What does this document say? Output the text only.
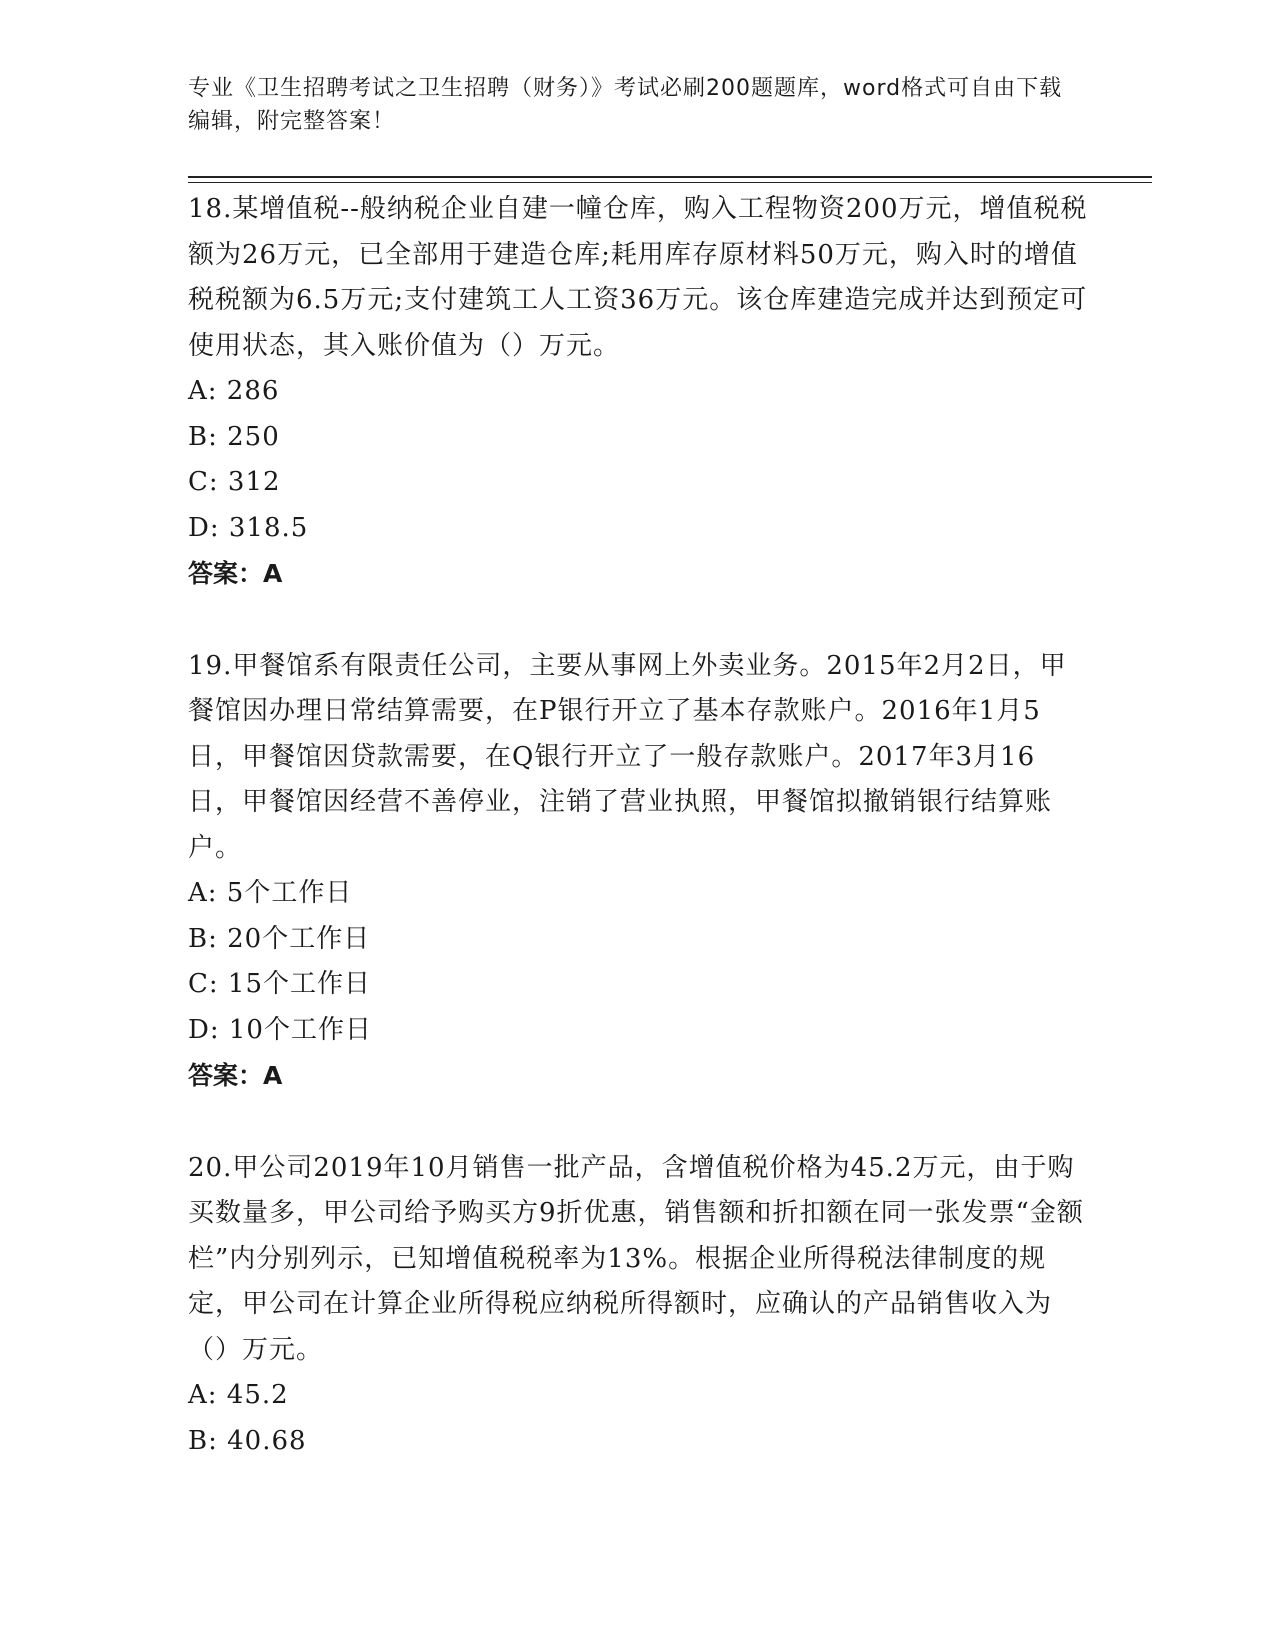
专业《卫生招聘考试之卫生招聘（财务）》考试必刷200题题库，word格式可自由下载编辑，附完整答案！

18.某增值税--般纳税企业自建一幢仓库，购入工程物资200万元，增值税税额为26万元，已全部用于建造仓库;耗用库存原材料50万元，购入时的增值税税额为6.5万元;支付建筑工人工资36万元。该仓库建造完成并达到预定可使用状态，其入账价值为（）万元。

A: 286

B: 250

C: 312

D: 318.5

答案：A

19.甲餐馆系有限责任公司，主要从事网上外卖业务。2015年2月2日，甲餐馆因办理日常结算需要，在P银行开立了基本存款账户。2016年1月5日，甲餐馆因贷款需要，在Q银行开立了一般存款账户。2017年3月16日，甲餐馆因经营不善停业，注销了营业执照，甲餐馆拟撤销银行结算账户。

A: 5个工作日

B: 20个工作日

C: 15个工作日

D: 10个工作日

答案：A

20.甲公司2019年10月销售一批产品，含增值税价格为45.2万元，由于购买数量多，甲公司给予购买方9折优惠，销售额和折扣额在同一张发票“金额栏”内分别列示，已知增值税税率为13%。根据企业所得税法律制度的规定，甲公司在计算企业所得税应纳税所得额时，应确认的产品销售收入为（）万元。

A: 45.2

B: 40.68
